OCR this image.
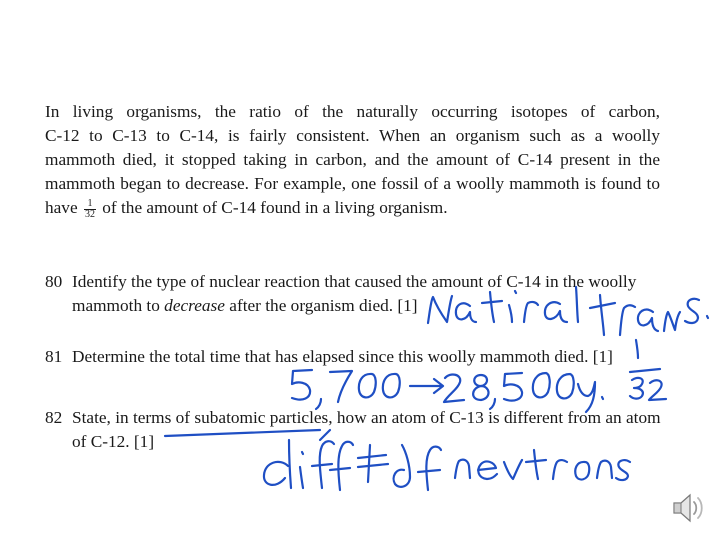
In living organisms, the ratio of the naturally occurring isotopes of carbon,
C-12 to C-13 to C-14, is fairly consistent. When an organism such as a woolly
mammoth died, it stopped taking in carbon, and the amount of C-14 present in the
mammoth began to decrease. For example, one fossil of a woolly mammoth is found to
have $\frac{1}{32}$ of the amount of C-14 found in a living organism.
80 Identify the type of nuclear reaction that caused the amount of C-14 in the woolly
mammoth to decrease after the organism died. [1]
81 Determine the total time that has elapsed since this woolly mammoth died. [1]
82 State, in terms of subatomic particles, how an atom of C-13 is different from an atom
of C-12. [1]
